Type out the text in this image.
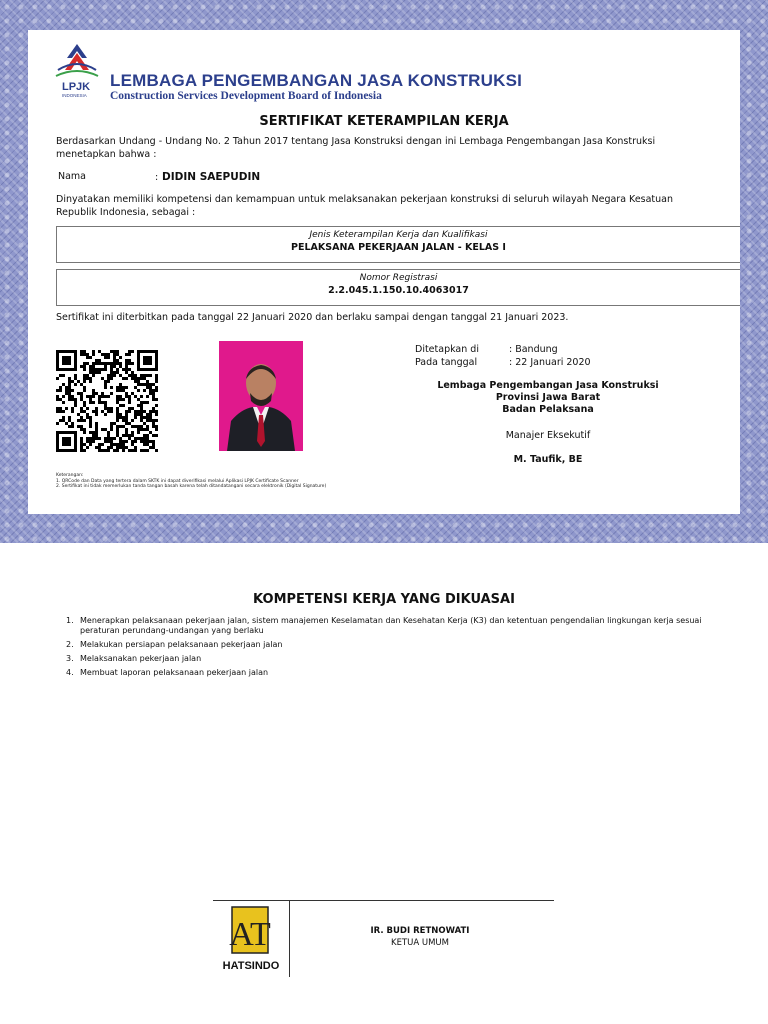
LPJK
INDONESIA
LEMBAGA PENGEMBANGAN JASA KONSTRUKSI
Construction Services Development Board of Indonesia
SERTIFIKAT KETERAMPILAN KERJA
Berdasarkan Undang - Undang No. 2 Tahun 2017 tentang Jasa Konstruksi dengan ini Lembaga Pengembangan Jasa Konstruksi menetapkan bahwa :
Nama	: DIDIN SAEPUDIN
Dinyatakan memiliki kompetensi dan kemampuan untuk melaksanakan pekerjaan konstruksi di seluruh wilayah Negara Kesatuan Republik Indonesia, sebagai :
Jenis Keterampilan Kerja dan Kualifikasi
PELAKSANA PEKERJAAN JALAN - KELAS I
Nomor Registrasi
2.2.045.1.150.10.4063017
Sertifikat ini diterbitkan pada tanggal 22 Januari 2020 dan berlaku sampai dengan tanggal 21 Januari 2023.
Keterangan:
1. QRCode dan Data yang tertera dalam SKTK ini dapat diverifikasi melalui Aplikasi LPJK Certificate Scanner
2. Sertifikat ini tidak memerlukan tanda tangan basah karena telah ditandatangani secara elektronik (Digital Signature)
Ditetapkan di	: Bandung
Pada tanggal	: 22 Januari 2020
Lembaga Pengembangan Jasa Konstruksi
Provinsi Jawa Barat
Badan Pelaksana
Manajer Eksekutif
M. Taufik, BE
KOMPETENSI KERJA YANG DIKUASAI
1. Menerapkan pelaksanaan pekerjaan jalan, sistem manajemen Keselamatan dan Kesehatan Kerja (K3) dan ketentuan pengendalian lingkungan kerja sesuai peraturan perundang-undangan yang berlaku
2. Melakukan persiapan pelaksanaan pekerjaan jalan
3. Melaksanakan pekerjaan jalan
4. Membuat laporan pelaksanaan pekerjaan jalan
AT
HATSINDO
IR. BUDI RETNOWATI
KETUA UMUM
